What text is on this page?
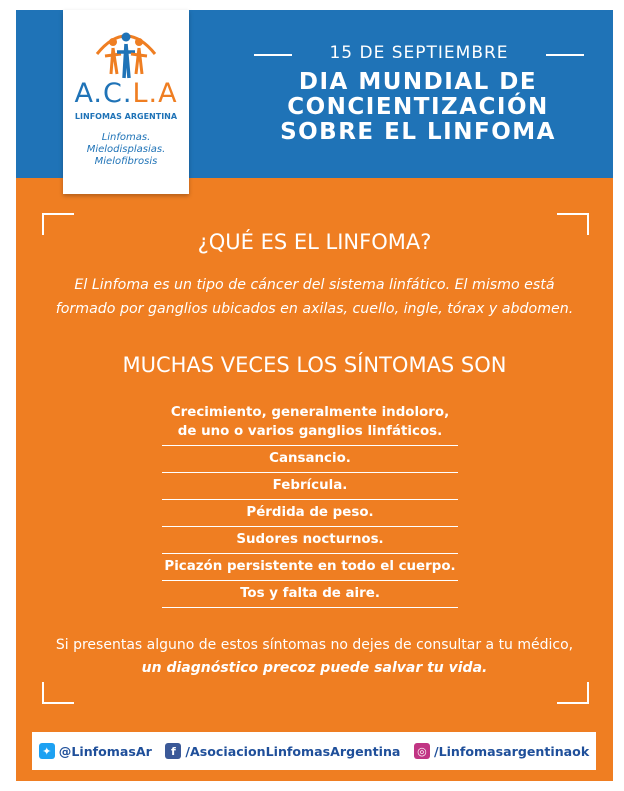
A.C.L.A
LINFOMAS ARGENTINA
Linfomas.
Mielodisplasias.
Mielofibrosis
15 DE SEPTIEMBRE
DIA MUNDIAL DE
CONCIENTIZACIÓN
SOBRE EL LINFOMA
¿QUÉ ES EL LINFOMA?
El Linfoma es un tipo de cáncer del sistema linfático. El mismo está
formado por ganglios ubicados en axilas, cuello, ingle, tórax y abdomen.
MUCHAS VECES LOS SÍNTOMAS SON
Crecimiento, generalmente indoloro,
de uno o varios ganglios linfáticos.
Cansancio.
Febrícula.
Pérdida de peso.
Sudores nocturnos.
Picazón persistente en todo el cuerpo.
Tos y falta de aire.
Si presentas alguno de estos síntomas no dejes de consultar a tu médico,
un diagnóstico precoz puede salvar tu vida.
✦ @LinfomasAr	f /AsociacionLinfomasArgentina ◎ /Linfomasargentinaok
